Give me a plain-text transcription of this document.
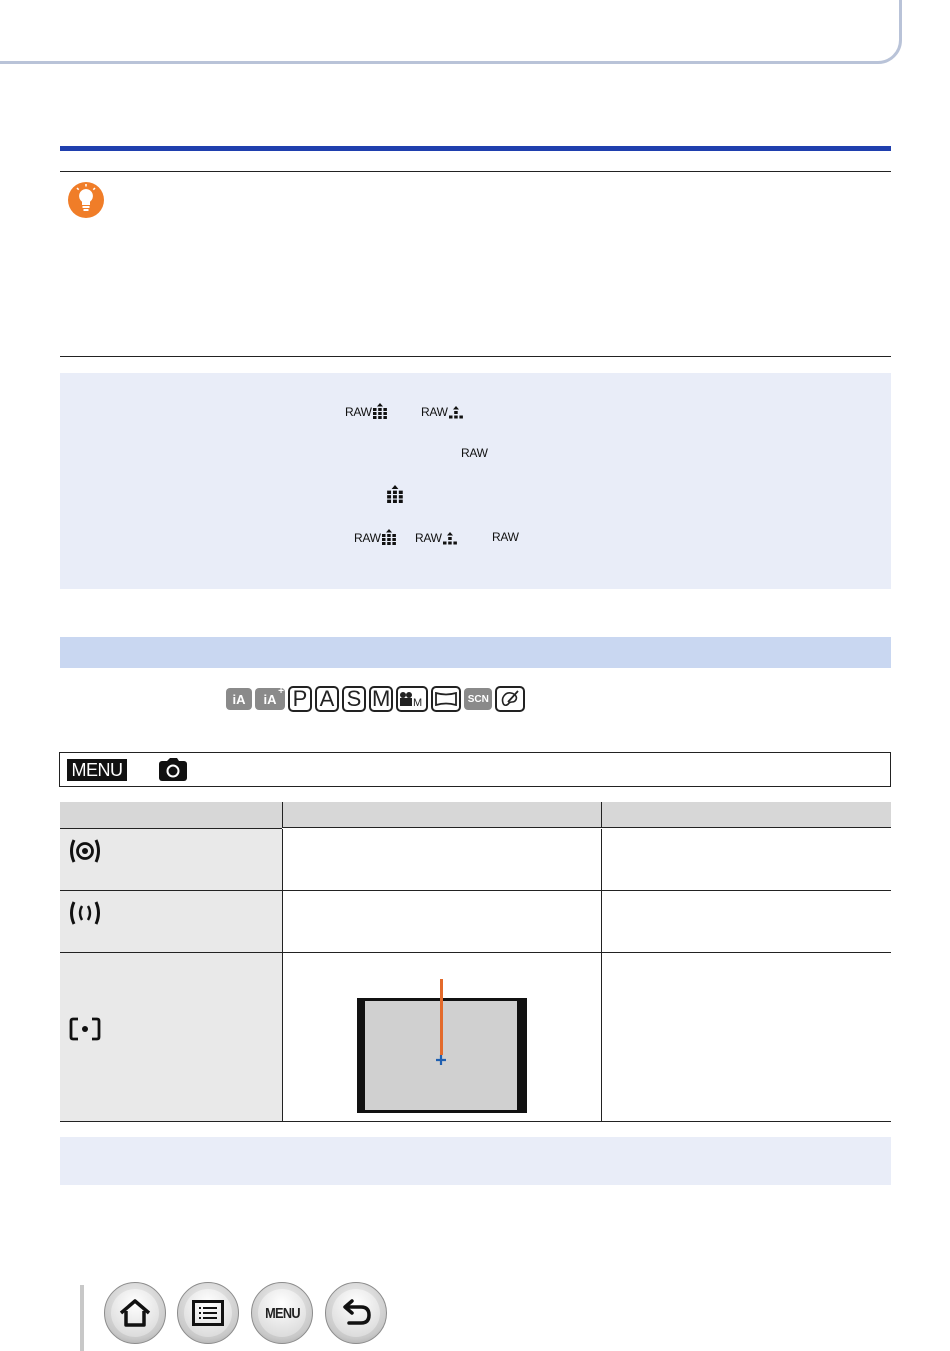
RAW	RAW
RAW
RAW	RAW	RAW
iA iA + P A S M M	SCN
MENU
MENU
